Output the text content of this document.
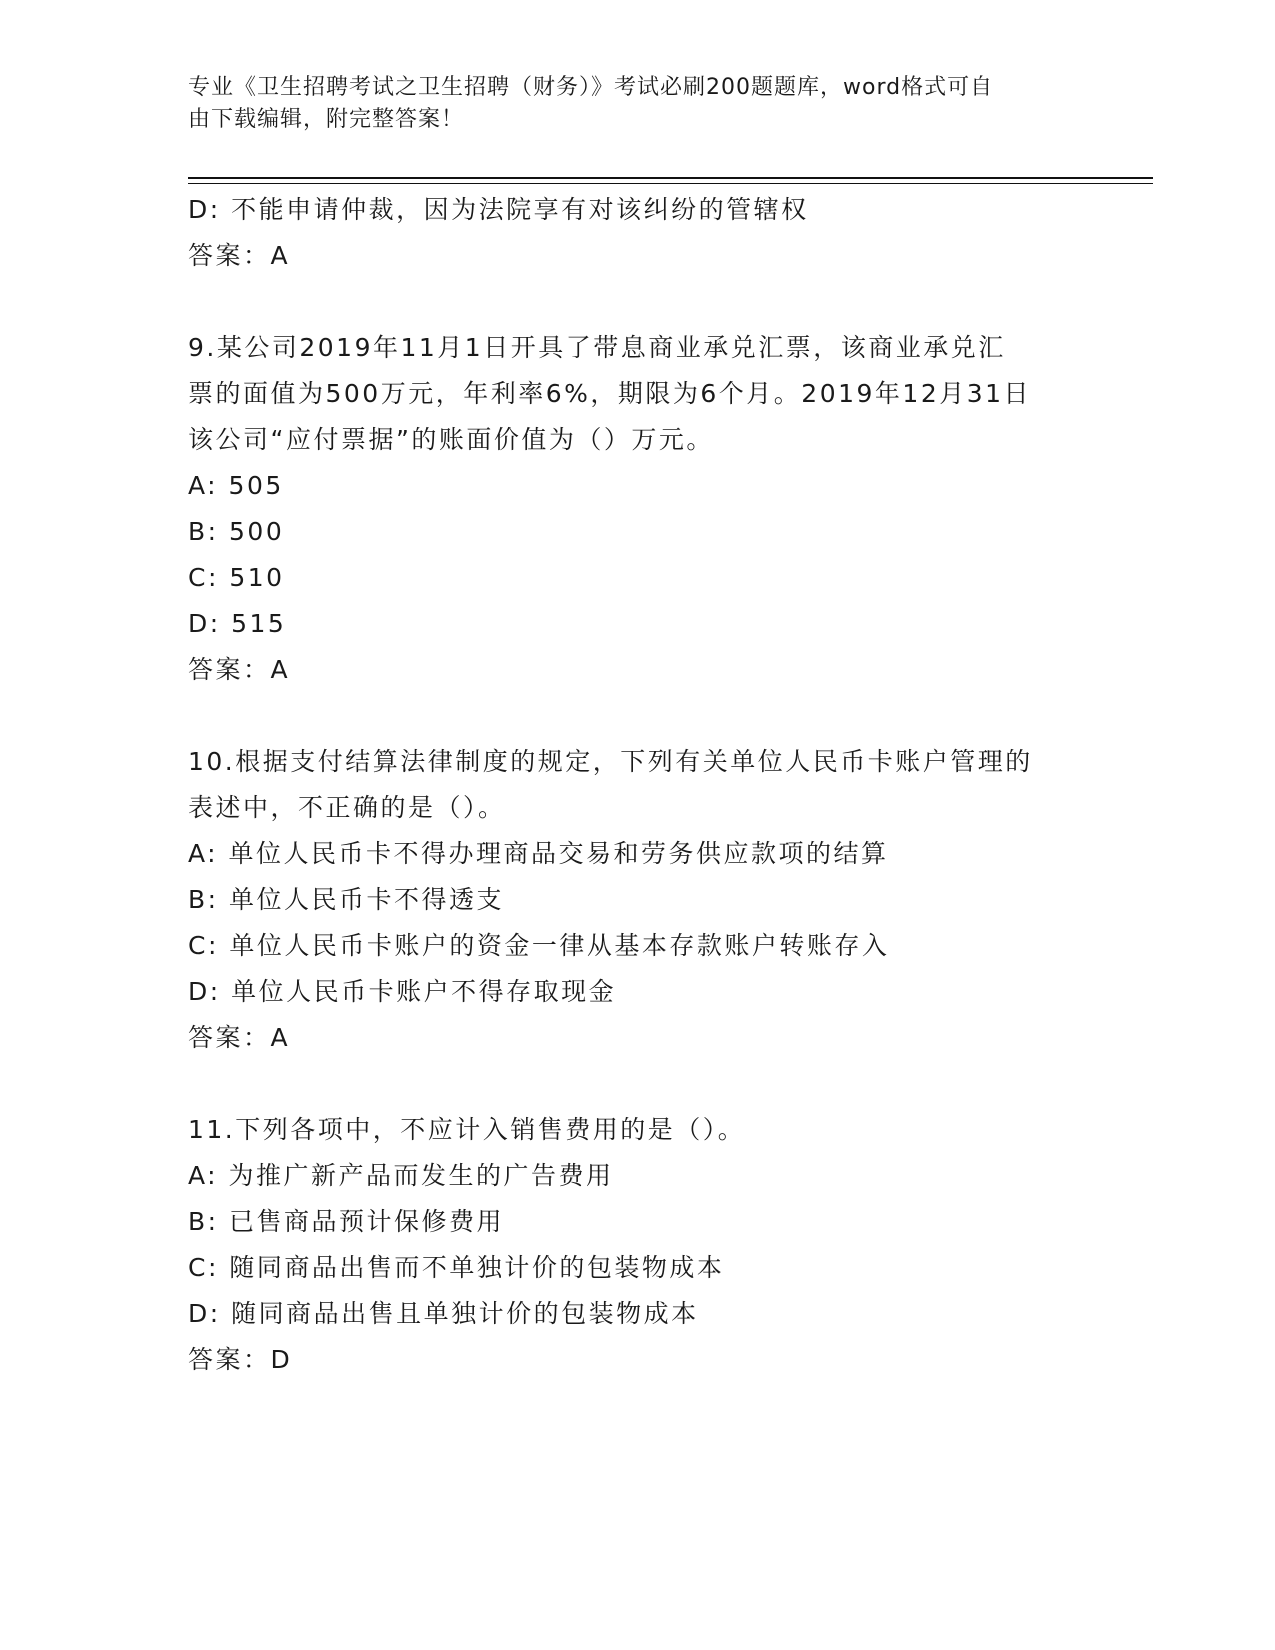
专业《卫生招聘考试之卫生招聘（财务）》考试必刷200题题库，word格式可自
由下载编辑，附完整答案！
D: 不能申请仲裁，因为法院享有对该纠纷的管辖权
答案：A
9.某公司2019年11月1日开具了带息商业承兑汇票，该商业承兑汇
票的面值为500万元，年利率6%，期限为6个月。2019年12月31日
该公司“应付票据”的账面价值为（）万元。
A: 505
B: 500
C: 510
D: 515
答案：A
10.根据支付结算法律制度的规定，下列有关单位人民币卡账户管理的
表述中，不正确的是（）。
A: 单位人民币卡不得办理商品交易和劳务供应款项的结算
B: 单位人民币卡不得透支
C: 单位人民币卡账户的资金一律从基本存款账户转账存入
D: 单位人民币卡账户不得存取现金
答案：A
11.下列各项中，不应计入销售费用的是（）。
A: 为推广新产品而发生的广告费用
B: 已售商品预计保修费用
C: 随同商品出售而不单独计价的包装物成本
D: 随同商品出售且单独计价的包装物成本
答案：D
